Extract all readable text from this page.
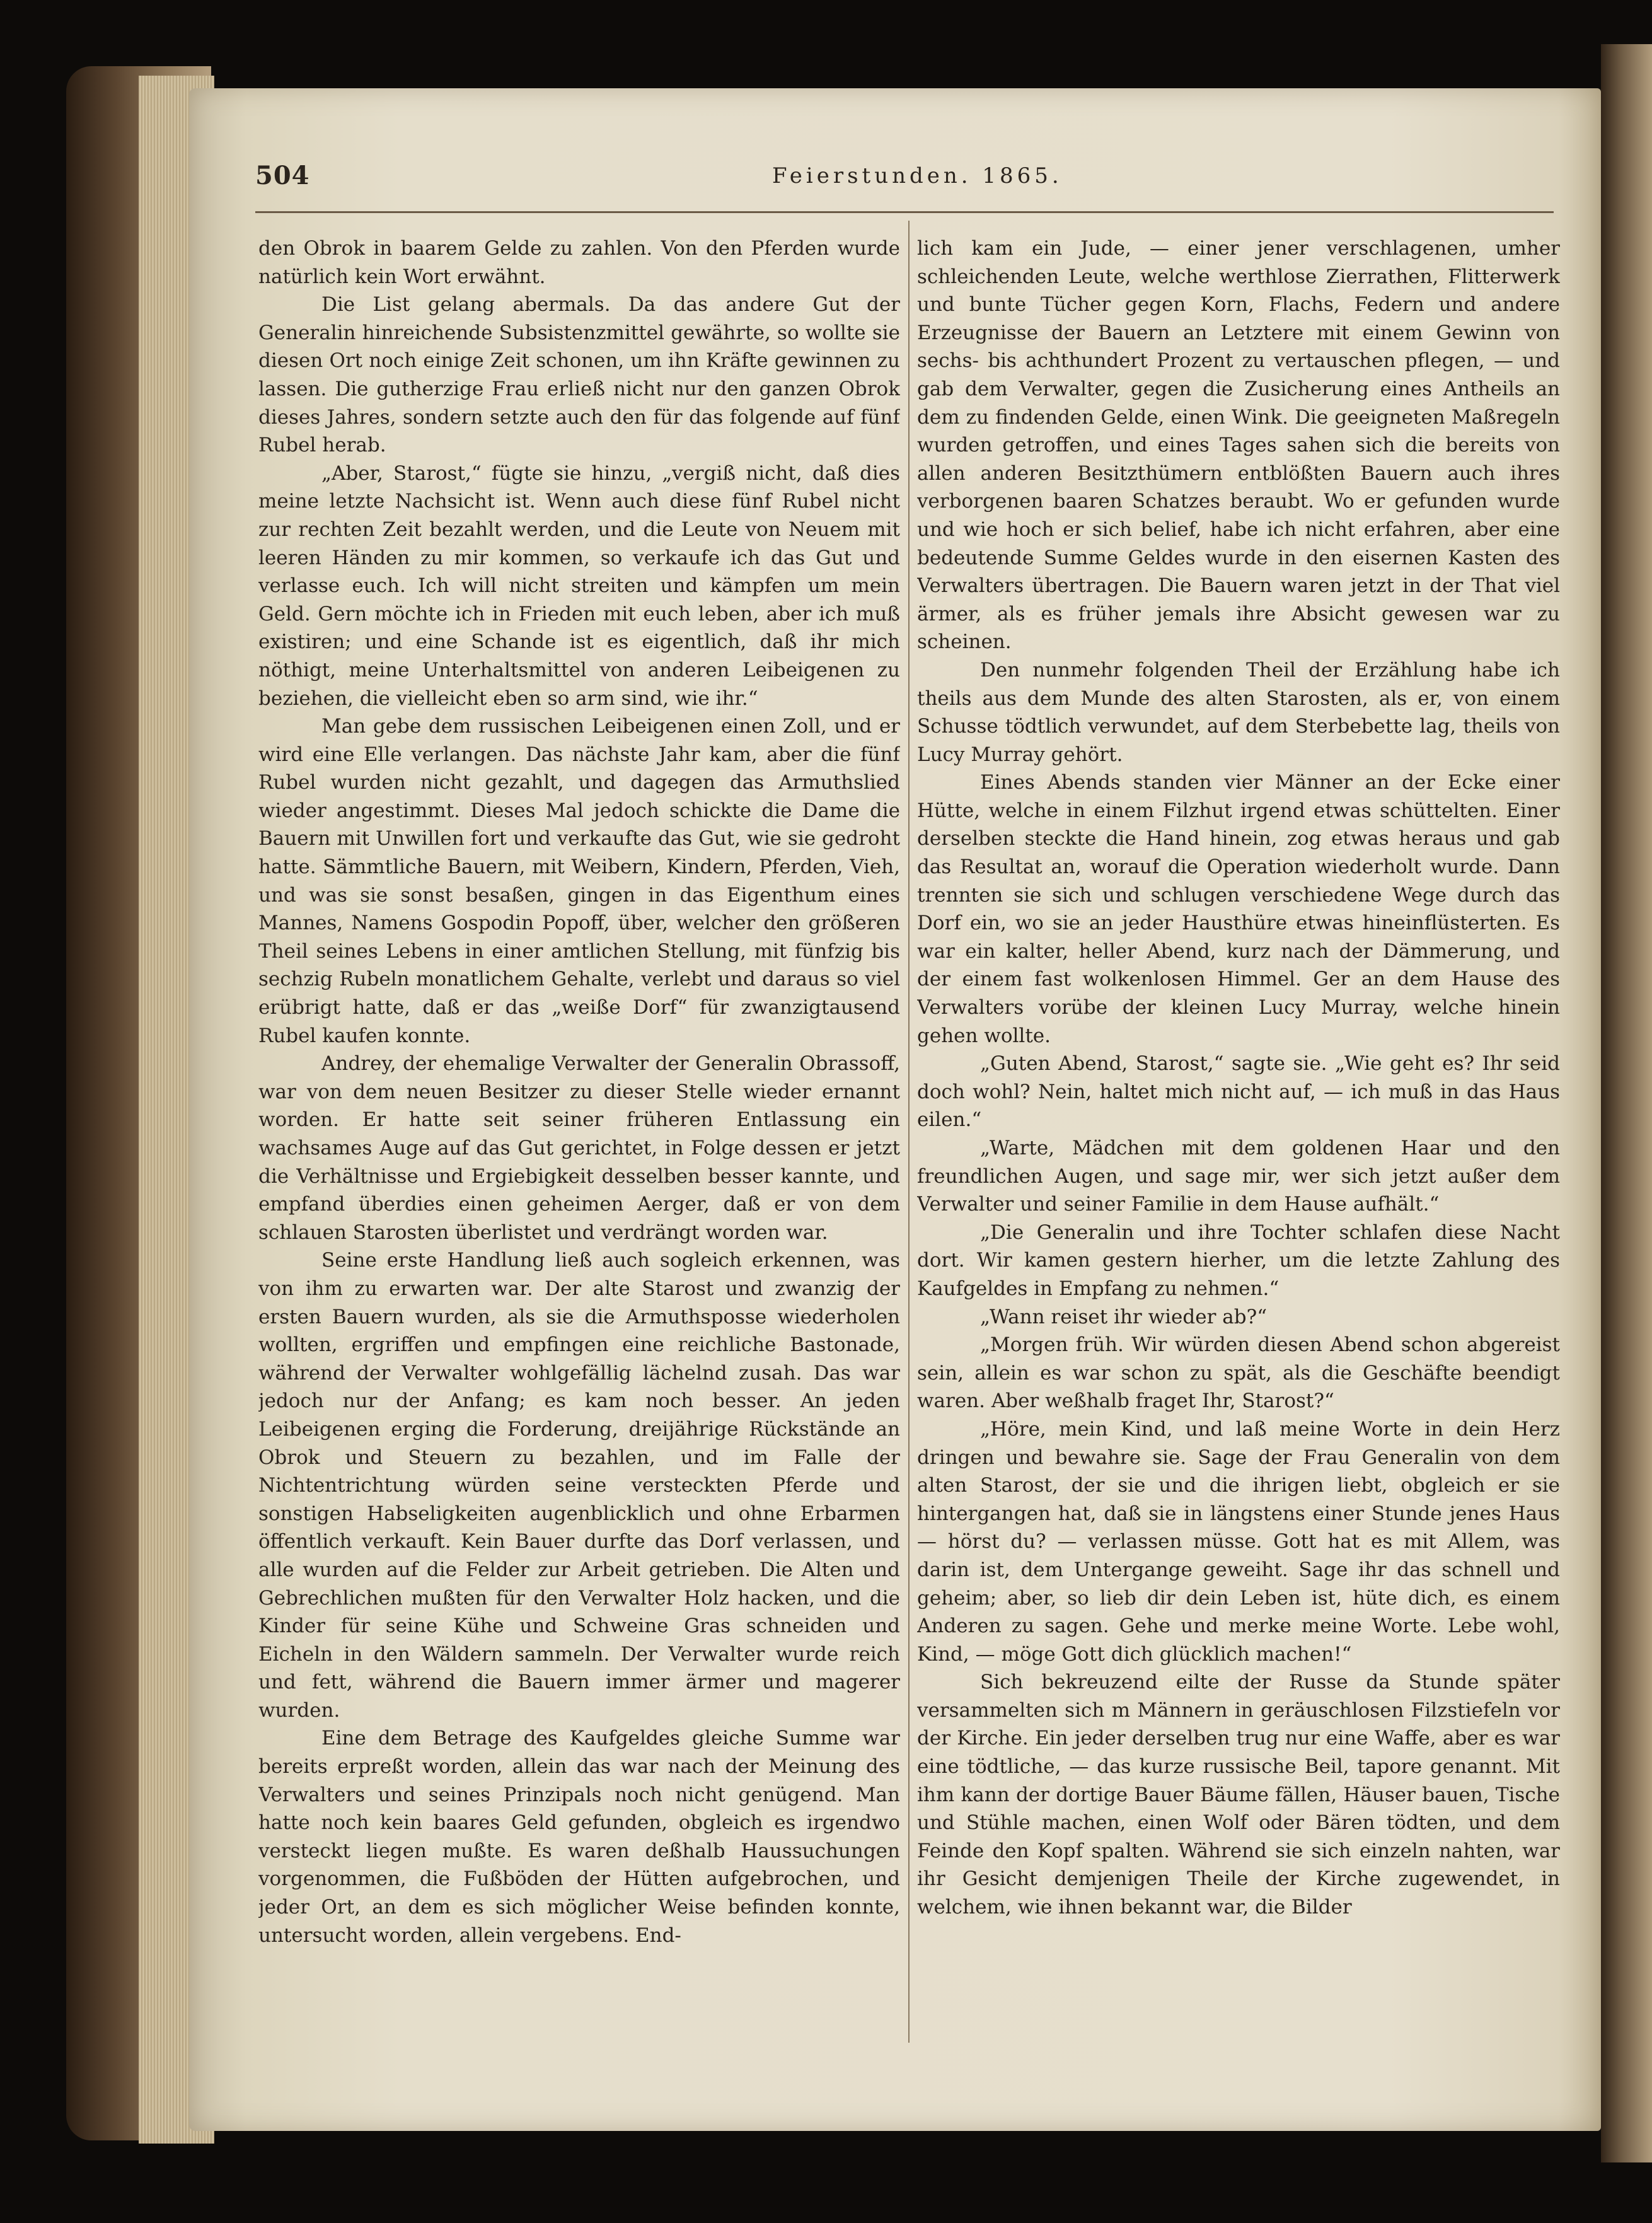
504	Feierstunden. 1865.

den Obrok in baarem Gelde zu zahlen. Von den Pferden wurde natürlich kein Wort erwähnt.

Die List gelang abermals. Da das andere Gut der Generalin hinreichende Subsistenzmittel gewährte, so wollte sie diesen Ort noch einige Zeit schonen, um ihn Kräfte gewinnen zu lassen. Die gutherzige Frau erließ nicht nur den ganzen Obrok dieses Jahres, sondern setzte auch den für das folgende auf fünf Rubel herab.

„Aber, Starost,“ fügte sie hinzu, „vergiß nicht, daß dies meine letzte Nachsicht ist. Wenn auch diese fünf Rubel nicht zur rechten Zeit bezahlt werden, und die Leute von Neuem mit leeren Händen zu mir kommen, so verkaufe ich das Gut und verlasse euch. Ich will nicht streiten und kämpfen um mein Geld. Gern möchte ich in Frieden mit euch leben, aber ich muß existiren; und eine Schande ist es eigentlich, daß ihr mich nöthigt, meine Unterhaltsmittel von anderen Leibeigenen zu beziehen, die vielleicht eben so arm sind, wie ihr.“

Man gebe dem russischen Leibeigenen einen Zoll, und er wird eine Elle verlangen. Das nächste Jahr kam, aber die fünf Rubel wurden nicht gezahlt, und dagegen das Armuthslied wieder angestimmt. Dieses Mal jedoch schickte die Dame die Bauern mit Unwillen fort und verkaufte das Gut, wie sie gedroht hatte. Sämmtliche Bauern, mit Weibern, Kindern, Pferden, Vieh, und was sie sonst besaßen, gingen in das Eigenthum eines Mannes, Namens Gospodin Popoff, über, welcher den größeren Theil seines Lebens in einer amtlichen Stellung, mit fünfzig bis sechzig Rubeln monatlichem Gehalte, verlebt und daraus so viel erübrigt hatte, daß er das „weiße Dorf“ für zwanzigtausend Rubel kaufen konnte.

Andrey, der ehemalige Verwalter der Generalin Obrassoff, war von dem neuen Besitzer zu dieser Stelle wieder ernannt worden. Er hatte seit seiner früheren Entlassung ein wachsames Auge auf das Gut gerichtet, in Folge dessen er jetzt die Verhältnisse und Ergiebigkeit desselben besser kannte, und empfand überdies einen geheimen Aerger, daß er von dem schlauen Starosten überlistet und verdrängt worden war.

Seine erste Handlung ließ auch sogleich erkennen, was von ihm zu erwarten war. Der alte Starost und zwanzig der ersten Bauern wurden, als sie die Armuthspossе wiederholen wollten, ergriffen und empfingen eine reichliche Bastonade, während der Verwalter wohlgefällig lächelnd zusah. Das war jedoch nur der Anfang; es kam noch besser. An jeden Leibeigenen erging die Forderung, dreijährige Rückstände an Obrok und Steuern zu bezahlen, und im Falle der Nichtentrichtung würden seine versteckten Pferde und sonstigen Habseligkeiten augenblicklich und ohne Erbarmen öffentlich verkauft. Kein Bauer durfte das Dorf verlassen, und alle wurden auf die Felder zur Arbeit getrieben. Die Alten und Gebrechlichen mußten für den Verwalter Holz hacken, und die Kinder für seine Kühe und Schweine Gras schneiden und Eicheln in den Wäldern sammeln. Der Verwalter wurde reich und fett, während die Bauern immer ärmer und magerer wurden.

Eine dem Betrage des Kaufgeldes gleiche Summe war bereits erpreßt worden, allein das war nach der Meinung des Verwalters und seines Prinzipals noch nicht genügend. Man hatte noch kein baares Geld gefunden, obgleich es irgendwo versteckt liegen mußte. Es waren deßhalb Haussuchungen vorgenommen, die Fußböden der Hütten aufgebrochen, und jeder Ort, an dem es sich möglicher Weise befinden konnte, untersucht worden, allein vergebens. End-

lich kam ein Jude, — einer jener verschlagenen, umher schleichenden Leute, welche werthlose Zierrathen, Flitterwerk und bunte Tücher gegen Korn, Flachs, Federn und andere Erzeugnisse der Bauern an Letztere mit einem Gewinn von sechs- bis achthundert Prozent zu vertauschen pflegen, — und gab dem Verwalter, gegen die Zusicherung eines Antheils an dem zu findenden Gelde, einen Wink. Die geeigneten Maßregeln wurden getroffen, und eines Tages sahen sich die bereits von allen anderen Besitzthümern entblößten Bauern auch ihres verborgenen baaren Schatzes beraubt. Wo er gefunden wurde und wie hoch er sich belief, habe ich nicht erfahren, aber eine bedeutende Summe Geldes wurde in den eisernen Kasten des Verwalters übertragen. Die Bauern waren jetzt in der That viel ärmer, als es früher jemals ihre Absicht gewesen war zu scheinen.

Den nunmehr folgenden Theil der Erzählung habe ich theils aus dem Munde des alten Starosten, als er, von einem Schusse tödtlich verwundet, auf dem Sterbebette lag, theils von Lucy Murray gehört.

Eines Abends standen vier Männer an der Ecke einer Hütte, welche in einem Filzhut irgend etwas schüttelten. Einer derselben steckte die Hand hinein, zog etwas heraus und gab das Resultat an, worauf die Operation wiederholt wurde. Dann trennten sie sich und schlugen verschiedene Wege durch das Dorf ein, wo sie an jeder Hausthüre etwas hineinflüsterten. Es war ein kalter, heller Abend, kurz nach der Dämmerung, und der einem fast wolkenlosen Himmel. Ger an dem Hause des Verwalters vorübe der kleinen Lucy Murray, welche hinein gehen wollte.

„Guten Abend, Starost,“ sagte sie. „Wie geht es? Ihr seid doch wohl? Nein, haltet mich nicht auf, — ich muß in das Haus eilen.“

„Warte, Mädchen mit dem goldenen Haar und den freundlichen Augen, und sage mir, wer sich jetzt außer dem Verwalter und seiner Familie in dem Hause aufhält.“

„Die Generalin und ihre Tochter schlafen diese Nacht dort. Wir kamen gestern hierher, um die letzte Zahlung des Kaufgeldes in Empfang zu nehmen.“

„Wann reiset ihr wieder ab?“

„Morgen früh. Wir würden diesen Abend schon abgereist sein, allein es war schon zu spät, als die Geschäfte beendigt waren. Aber weßhalb fraget Ihr, Starost?“

„Höre, mein Kind, und laß meine Worte in dein Herz dringen und bewahre sie. Sage der Frau Generalin von dem alten Starost, der sie und die ihrigen liebt, obgleich er sie hintergangen hat, daß sie in längstens einer Stunde jenes Haus — hörst du? — verlassen müsse. Gott hat es mit Allem, was darin ist, dem Untergange geweiht. Sage ihr das schnell und geheim; aber, so lieb dir dein Leben ist, hüte dich, es einem Anderen zu sagen. Gehe und merke meine Worte. Lebe wohl, Kind, — möge Gott dich glücklich machen!“

Sich bekreuzend eilte der Russe da Stunde später versammelten sich m Männern in geräuschlosen Filzstiefeln vor der Kirche. Ein jeder derselben trug nur eine Waffe, aber es war eine tödtliche, — das kurze russische Beil, tapore genannt. Mit ihm kann der dortige Bauer Bäume fällen, Häuser bauen, Tische und Stühle machen, einen Wolf oder Bären tödten, und dem Feinde den Kopf spalten. Während sie sich einzeln nahten, war ihr Gesicht demjenigen Theile der Kirche zugewendet, in welchem, wie ihnen bekannt war, die Bilder
